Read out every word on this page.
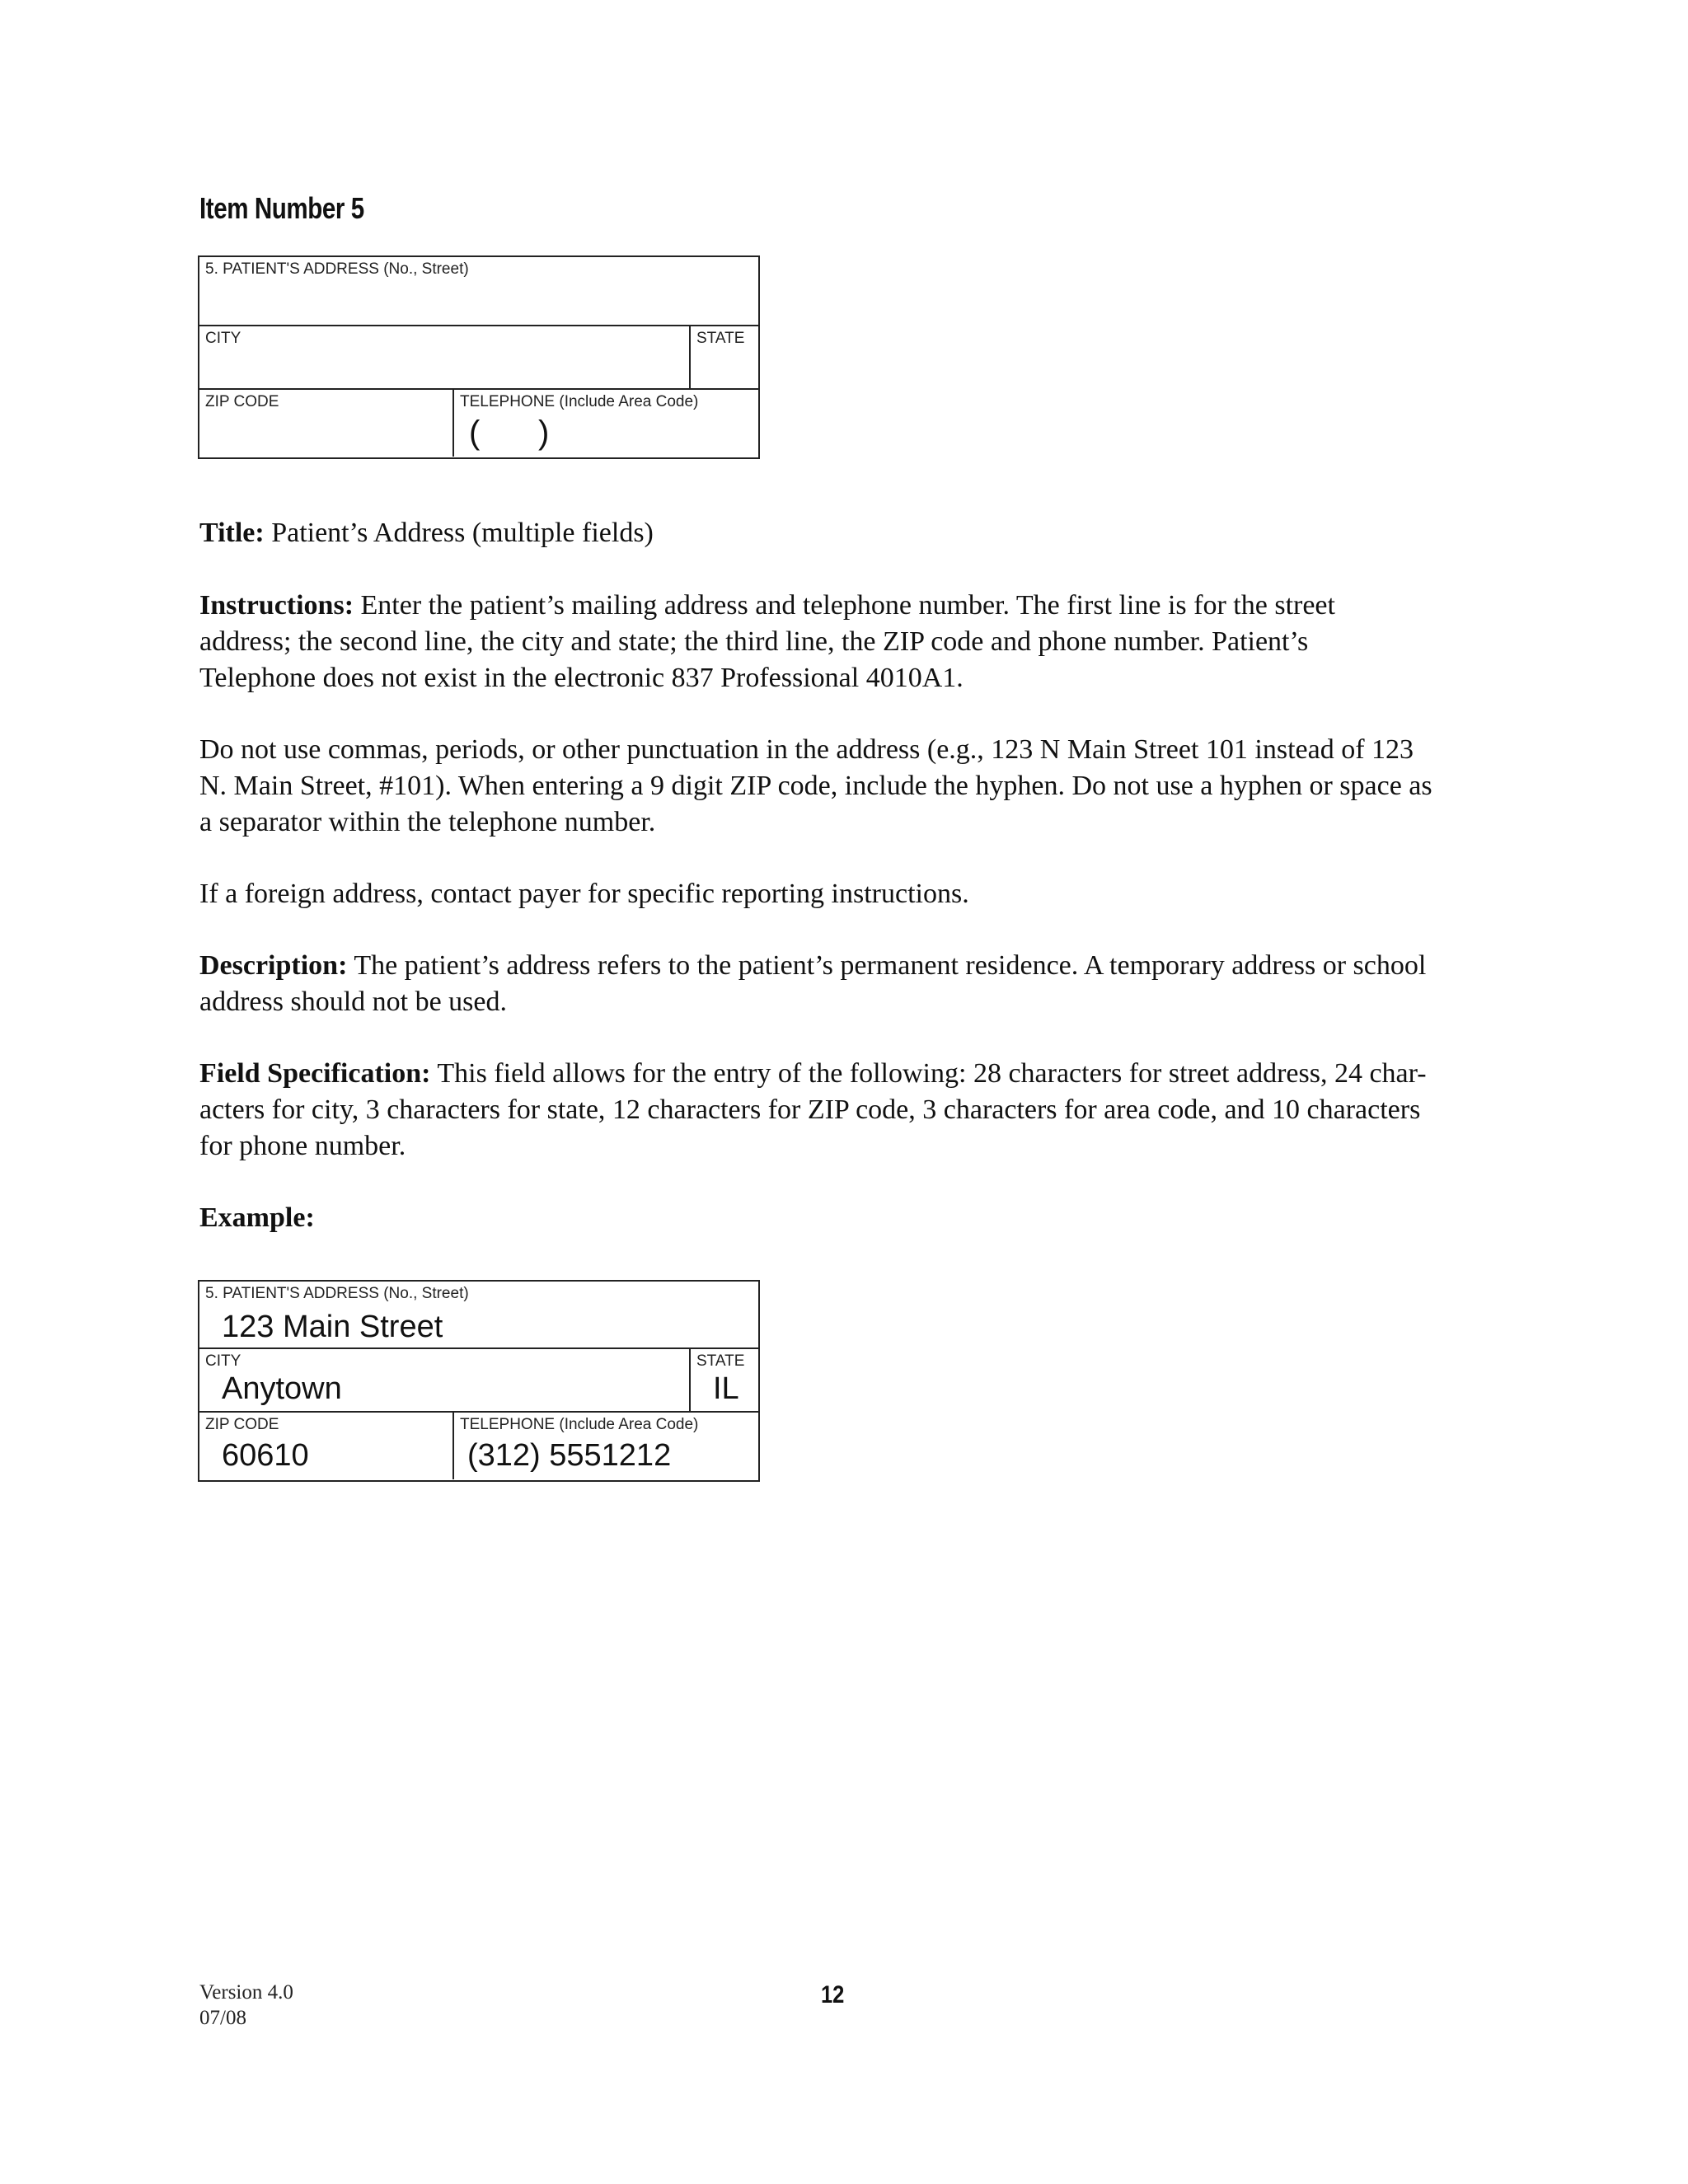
Item Number 5
5. PATIENT'S ADDRESS (No., Street)
CITY	STATE
ZIP CODE	TELEPHONE (Include Area Code)
( )
Title: Patient’s Address (multiple fields)
Instructions: Enter the patient’s mailing address and telephone number. The first line is for the street
address; the second line, the city and state; the third line, the ZIP code and phone number. Patient’s
Telephone does not exist in the electronic 837 Professional 4010A1.
Do not use commas, periods, or other punctuation in the address (e.g., 123 N Main Street 101 instead of 123
N. Main Street, #101). When entering a 9 digit ZIP code, include the hyphen. Do not use a hyphen or space as
a separator within the telephone number.
If a foreign address, contact payer for specific reporting instructions.
Description: The patient’s address refers to the patient’s permanent residence. A temporary address or school
address should not be used.
Field Specification: This field allows for the entry of the following: 28 characters for street address, 24 char-
acters for city, 3 characters for state, 12 characters for ZIP code, 3 characters for area code, and 10 characters
for phone number.
Example:
5. PATIENT'S ADDRESS (No., Street)
123 Main Street
CITY
Anytown
STATE
IL
ZIP CODE
60610
TELEPHONE (Include Area Code)
(312) 5551212
Version 4.0
07/08
12
